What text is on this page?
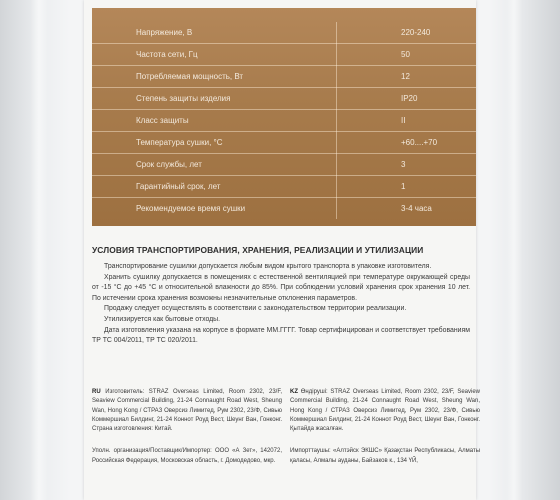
Напряжение, В	220-240
Частота сети, Гц	50
Потребляемая мощность, Вт	12
Степень защиты изделия	IP20
Класс защиты	II
Температура сушки, °С	+60....+70
Срок службы, лет	3
Гарантийный срок, лет	1
Рекомендуемое время сушки	3-4 часа
УСЛОВИЯ ТРАНСПОРТИРОВАНИЯ, ХРАНЕНИЯ, РЕАЛИЗАЦИИ И УТИЛИЗАЦИИ

Транспортирование сушилки допускается любым видом крытого транспорта в упаковке изготовителя.

Хранить сушилку допускается в помещениях с естественной вентиляцией при температуре окружающей среды от -15 °С до +45 °С и относительной влажности до 85%. При соблюдении условий хранения срок хранения 10 лет. По истечении срока хранения возможны незначительные отклонения параметров.

Продажу следует осуществлять в соответствии с законодательством территории реализации.

Утилизируется как бытовые отходы.

Дата изготовления указана на корпусе в формате ММ.ГГГГ. Товар сертифицирован и соответствует требованиям ТР ТС 004/2011, ТР ТС 020/2011.

RU Изготовитель: STRAZ Overseas Limited, Room 2302, 23/F, Seaview Commercial Building, 21-24 Connaught Road West, Sheung Wan, Hong Kong / СТРАЗ Оверсиз Лимитед, Рум 2302, 23/Ф, Сивью Коммершиал Билдинг, 21-24 Коннот Роуд Вест, Шеунг Ван, Гонконг. Страна изготовления: Китай.
Уполн. организация/Поставщик/Импортер: ООО «А Зет», 142072, Российская Федерация, Московская область, г. Домодедово, мкр.
KZ Өндіруші: STRAZ Overseas Limited, Room 2302, 23/F, Seaview Commercial Building, 21-24 Connaught Road West, Sheung Wan, Hong Kong / СТРАЗ Оверсиз Лимитед, Рум 2302, 23/Ф, Сивью Коммершиал Билдинг, 21-24 Коннот Роуд Вест, Шеунг Ван, Гонконг. Қытайда жасалған.
Импорттаушы: «Алтэйск ЭКШС» Қазақстан Республикасы, Алматы қаласы, Алмалы ауданы, Байзаков к., 134 ҮЙ,
